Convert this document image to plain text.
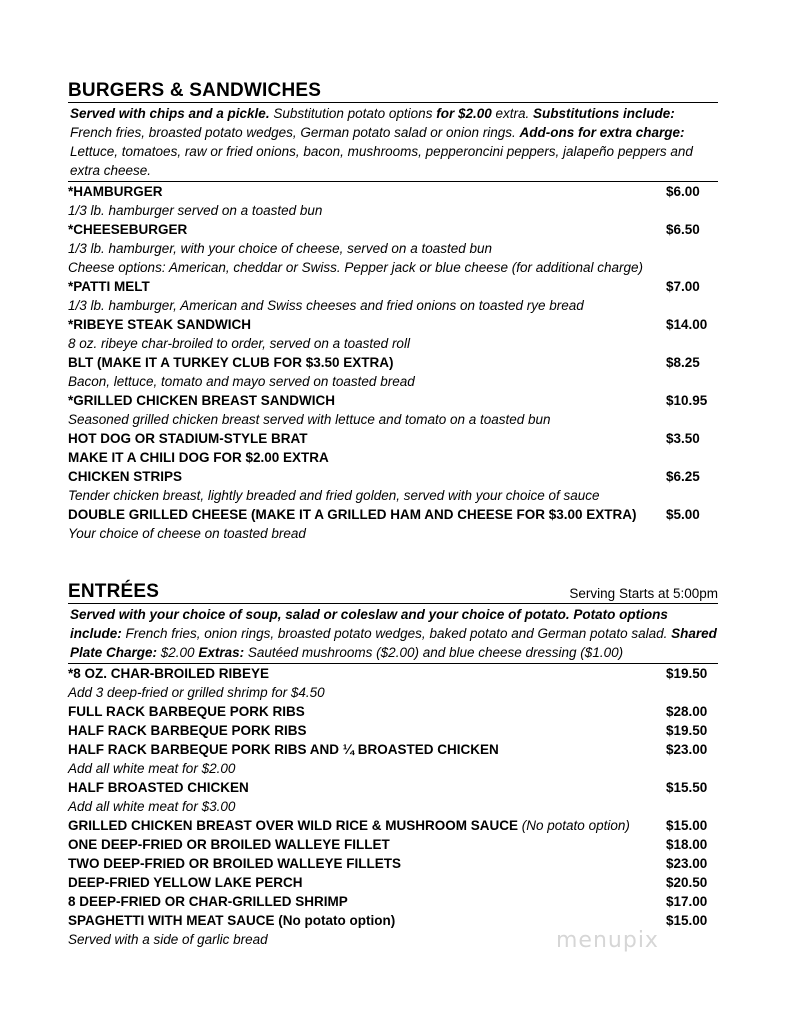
BURGERS & SANDWICHES
Served with chips and a pickle. Substitution potato options for $2.00 extra. Substitutions include: French fries, broasted potato wedges, German potato salad or onion rings. Add-ons for extra charge: Lettuce, tomatoes, raw or fried onions, bacon, mushrooms, pepperoncini peppers, jalapeño peppers and extra cheese.
*HAMBURGER	$6.00
1/3 lb. hamburger served on a toasted bun
*CHEESEBURGER	$6.50
1/3 lb. hamburger, with your choice of cheese, served on a toasted bun
Cheese options: American, cheddar or Swiss. Pepper jack or blue cheese (for additional charge)
*PATTI MELT	$7.00
1/3 lb. hamburger, American and Swiss cheeses and fried onions on toasted rye bread
*RIBEYE STEAK SANDWICH	$14.00
8 oz. ribeye char-broiled to order, served on a toasted roll
BLT (MAKE IT A TURKEY CLUB FOR $3.50 EXTRA)	$8.25
Bacon, lettuce, tomato and mayo served on toasted bread
*GRILLED CHICKEN BREAST SANDWICH	$10.95
Seasoned grilled chicken breast served with lettuce and tomato on a toasted bun
HOT DOG OR STADIUM-STYLE BRAT	$3.50
MAKE IT A CHILI DOG FOR $2.00 EXTRA
CHICKEN STRIPS	$6.25
Tender chicken breast, lightly breaded and fried golden, served with your choice of sauce
DOUBLE GRILLED CHEESE (MAKE IT A GRILLED HAM AND CHEESE FOR $3.00 EXTRA) $5.00
Your choice of cheese on toasted bread
ENTRÉES	Serving Starts at 5:00pm
Served with your choice of soup, salad or coleslaw and your choice of potato. Potato options include: French fries, onion rings, broasted potato wedges, baked potato and German potato salad. Shared Plate Charge: $2.00 Extras: Sautéed mushrooms ($2.00) and blue cheese dressing ($1.00)
*8 OZ. CHAR-BROILED RIBEYE	$19.50
Add 3 deep-fried or grilled shrimp for $4.50
FULL RACK BARBEQUE PORK RIBS	$28.00
HALF RACK BARBEQUE PORK RIBS	$19.50
HALF RACK BARBEQUE PORK RIBS AND ¼ BROASTED CHICKEN	$23.00
Add all white meat for $2.00
HALF BROASTED CHICKEN	$15.50
Add all white meat for $3.00
GRILLED CHICKEN BREAST OVER WILD RICE & MUSHROOM SAUCE (No potato option)	$15.00
ONE DEEP-FRIED OR BROILED WALLEYE FILLET	$18.00
TWO DEEP-FRIED OR BROILED WALLEYE FILLETS	$23.00
DEEP-FRIED YELLOW LAKE PERCH	$20.50
8 DEEP-FRIED OR CHAR-GRILLED SHRIMP	$17.00
SPAGHETTI WITH MEAT SAUCE (No potato option)	$15.00
Served with a side of garlic bread	menupix
